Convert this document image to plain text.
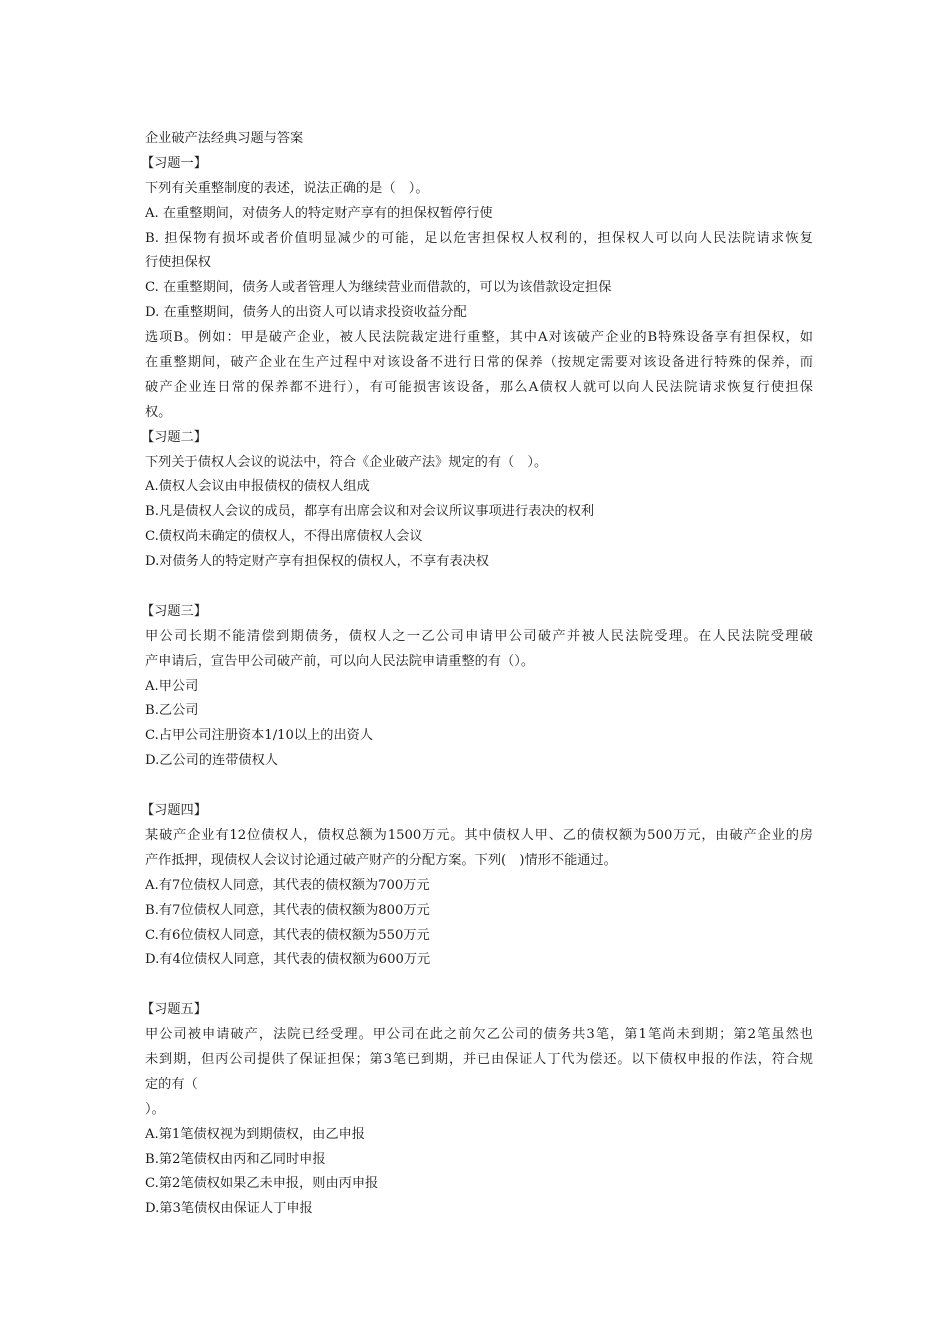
企业破产法经典习题与答案
【习题一】
下列有关重整制度的表述，说法正确的是（　）。
A. 在重整期间，对债务人的特定财产享有的担保权暂停行使
B. 担保物有损坏或者价值明显减少的可能，足以危害担保权人权利的，担保权人可以向人民法院请求恢复
行使担保权
C. 在重整期间，债务人或者管理人为继续营业而借款的，可以为该借款设定担保
D. 在重整期间，债务人的出资人可以请求投资收益分配
选项B。例如：甲是破产企业，被人民法院裁定进行重整，其中A对该破产企业的B特殊设备享有担保权，如
在重整期间，破产企业在生产过程中对该设备不进行日常的保养（按规定需要对该设备进行特殊的保养，而
破产企业连日常的保养都不进行），有可能损害该设备，那么A债权人就可以向人民法院请求恢复行使担保
权。
【习题二】
下列关于债权人会议的说法中，符合《企业破产法》规定的有（　）。
A.债权人会议由申报债权的债权人组成
B.凡是债权人会议的成员，都享有出席会议和对会议所议事项进行表决的权利
C.债权尚未确定的债权人，不得出席债权人会议
D.对债务人的特定财产享有担保权的债权人，不享有表决权
【习题三】
甲公司长期不能清偿到期债务，债权人之一乙公司申请甲公司破产并被人民法院受理。在人民法院受理破
产申请后，宣告甲公司破产前，可以向人民法院申请重整的有（）。
A.甲公司
B.乙公司
C.占甲公司注册资本1/10以上的出资人
D.乙公司的连带债权人
【习题四】
某破产企业有12位债权人，债权总额为1500万元。其中债权人甲、乙的债权额为500万元，由破产企业的房
产作抵押，现债权人会议讨论通过破产财产的分配方案。下列(　)情形不能通过。
A.有7位债权人同意，其代表的债权额为700万元
B.有7位债权人同意，其代表的债权额为800万元
C.有6位债权人同意，其代表的债权额为550万元
D.有4位债权人同意，其代表的债权额为600万元
【习题五】
甲公司被申请破产，法院已经受理。甲公司在此之前欠乙公司的债务共3笔，第1笔尚未到期；第2笔虽然也
未到期，但丙公司提供了保证担保；第3笔已到期，并已由保证人丁代为偿还。以下债权申报的作法，符合规
定的有（
）。
A.第1笔债权视为到期债权，由乙申报
B.第2笔债权由丙和乙同时申报
C.第2笔债权如果乙未申报，则由丙申报
D.第3笔债权由保证人丁申报
